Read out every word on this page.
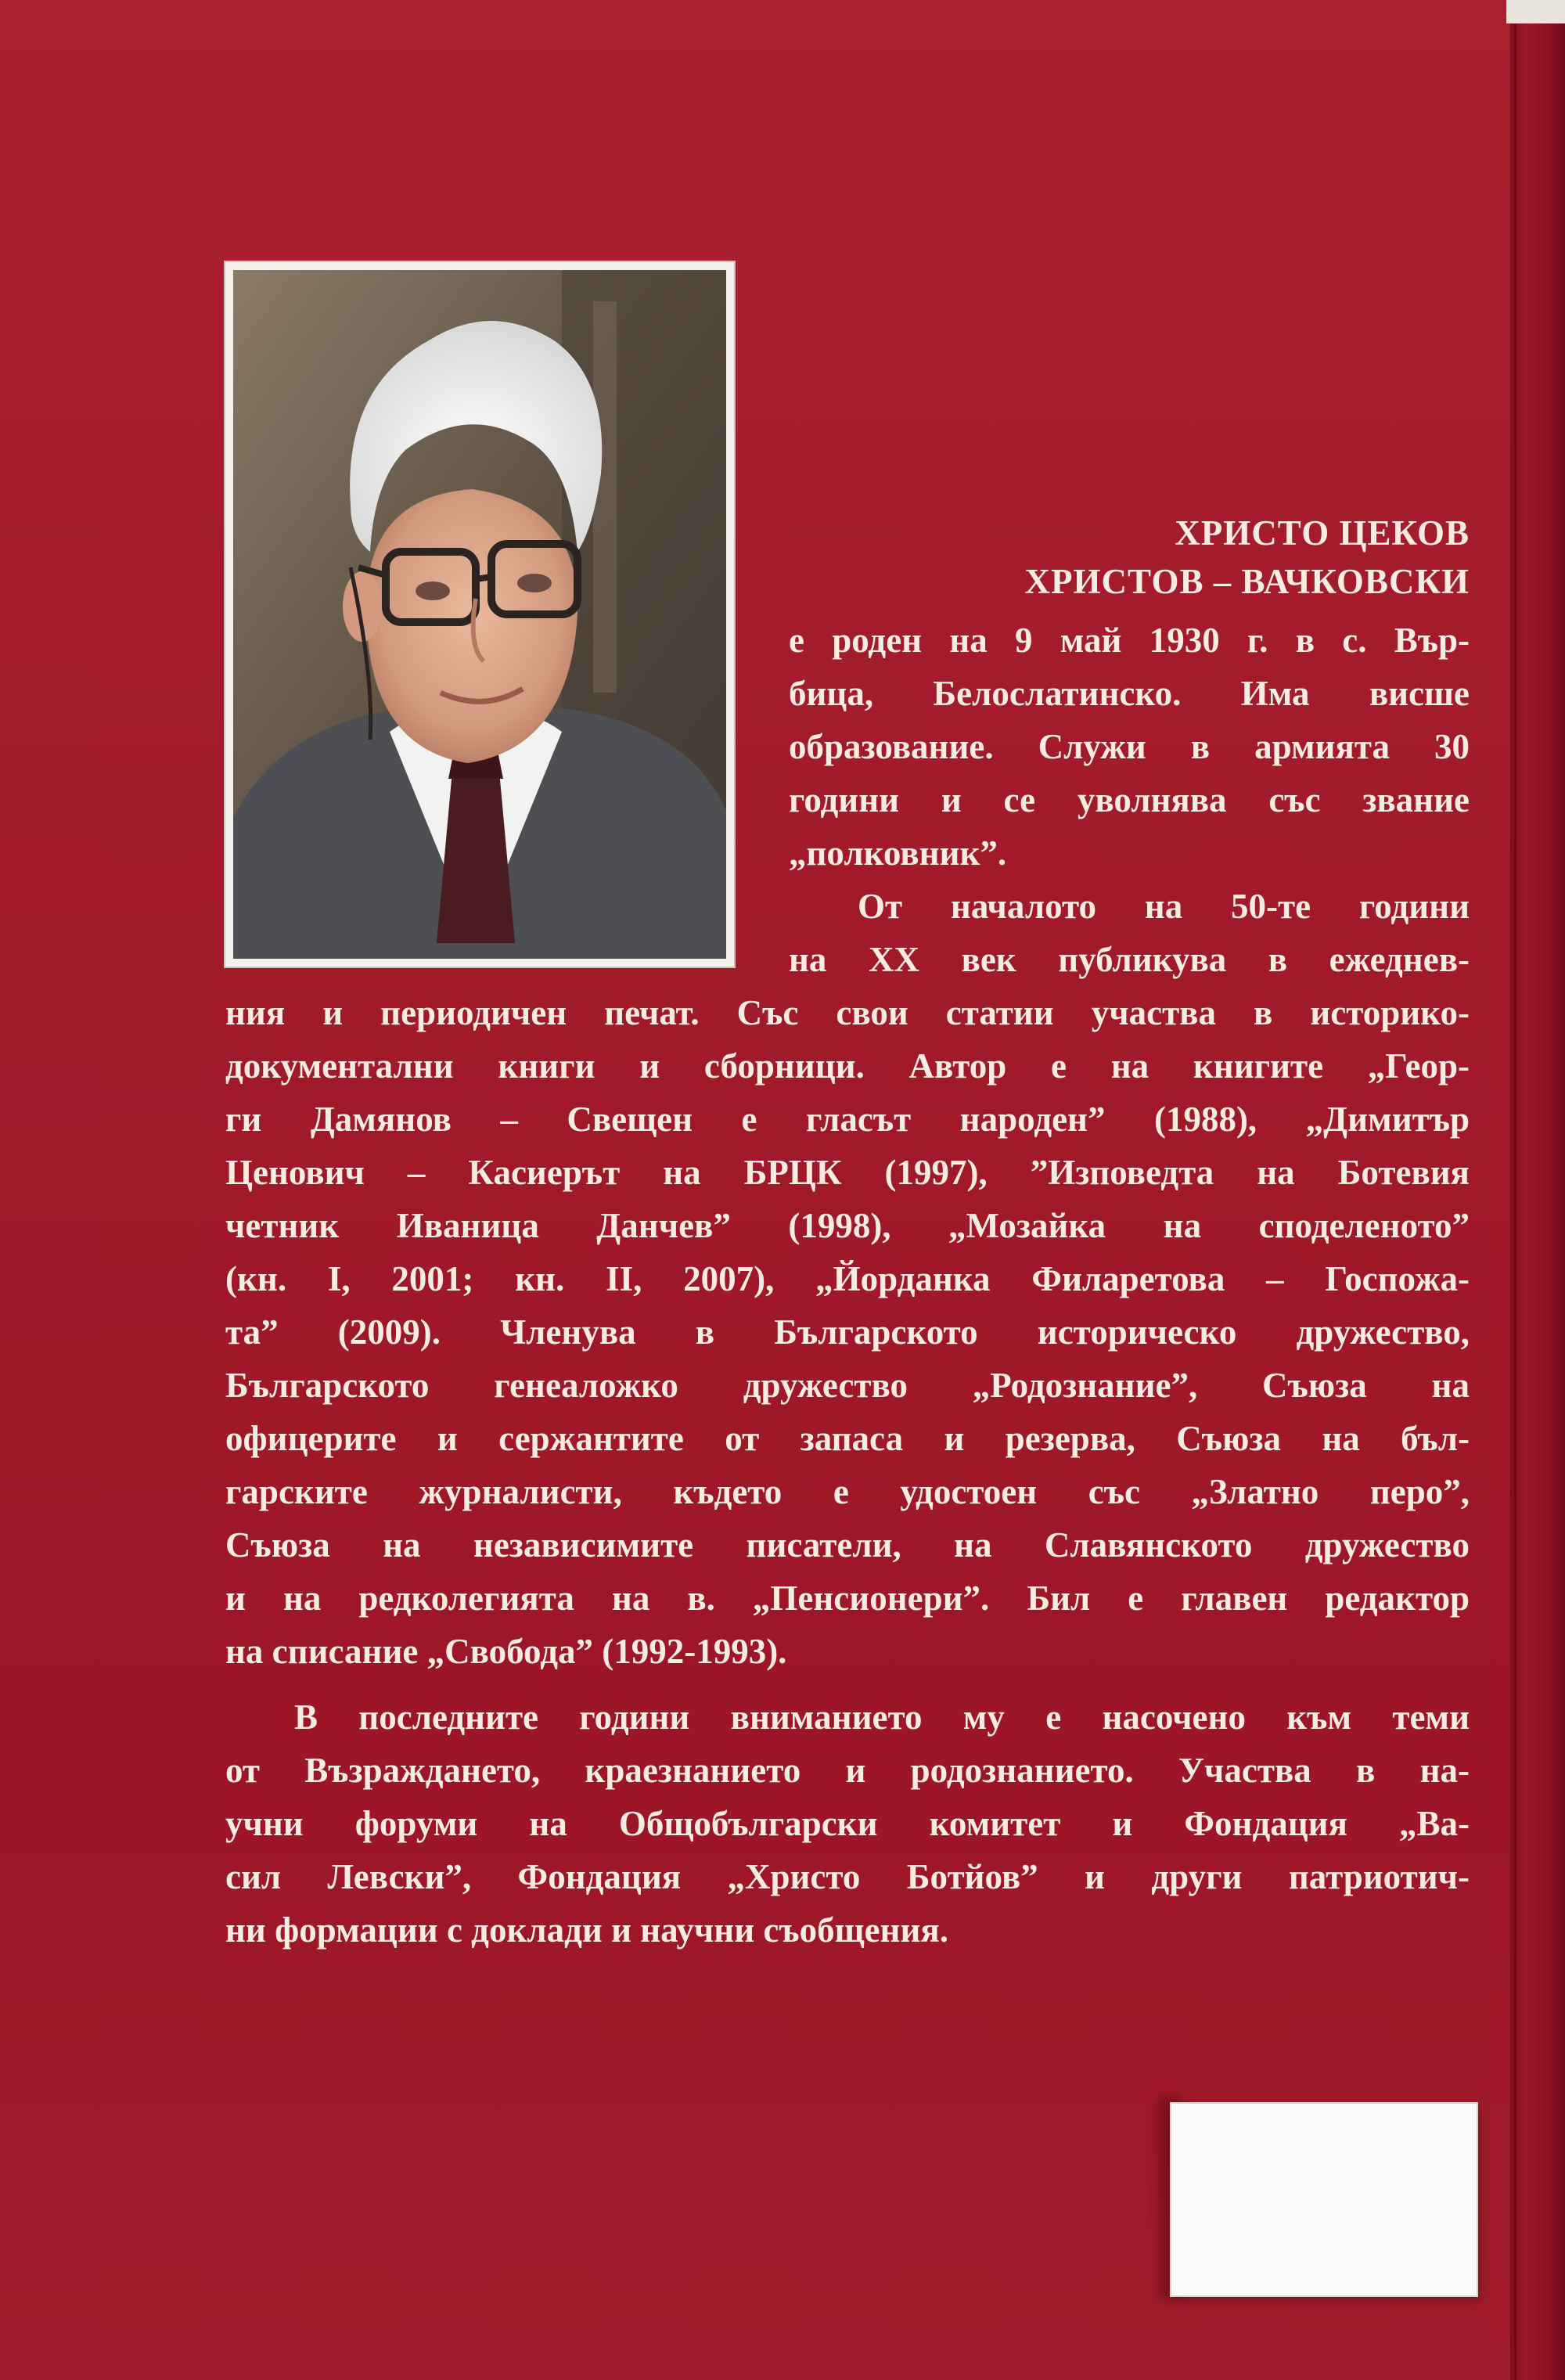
ХРИСТО ЦЕКОВ
ХРИСТОВ – ВАЧКОВСКИ
е роден на 9 май 1930 г. в с. Вър-
бица, Белослатинско. Има висше
образование. Служи в армията 30
години и се уволнява със звание
„полковник”.
От началото на 50-те години
на XX век публикува в ежеднев-
ния и периодичен печат. Със свои статии участва в историко-
документални книги и сборници. Автор е на книгите „Геор-
ги Дамянов – Свещен е гласът народен” (1988), „Димитър
Ценович – Касиерът на БРЦК (1997), ”Изповедта на Ботевия
четник Иваница Данчев” (1998), „Мозайка на споделеното”
(кн. I, 2001; кн. II, 2007), „Йорданка Филаретова – Госпожа-
та” (2009). Членува в Българското историческо дружество,
Българското генеаложко дружество „Родознание”, Съюза на
офицерите и сержантите от запаса и резерва, Съюза на бъл-
гарските журналисти, където е удостоен със „Златно перо”,
Съюза на независимите писатели, на Славянското дружество
и на редколегията на в. „Пенсионери”. Бил е главен редактор
на списание „Свобода” (1992-1993).
В последните години вниманието му е насочено към теми
от Възраждането, краезнанието и родознанието. Участва в на-
учни форуми на Общобългарски комитет и Фондация „Ва-
сил Левски”, Фондация „Христо Ботйов” и други патриотич-
ни формации с доклади и научни съобщения.
